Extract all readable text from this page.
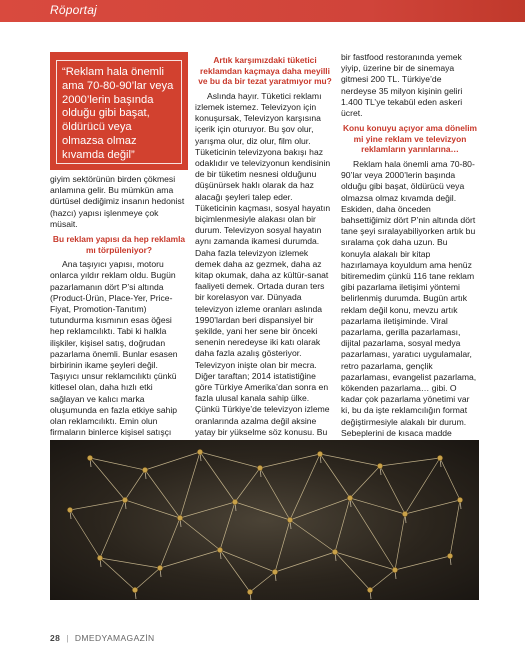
Röportaj
“Reklam hala önemli ama 70-80-90’lar veya 2000’lerin başında olduğu gibi başat, öldürücü veya olmazsa olmaz kıvamda değil”

giyim sektörünün birden çökmesi anlamına gelir. Bu mümkün ama dürtüsel dediğimiz insanın hedonist (hazcı) yapısı işlenmeye çok müsait.

Bu reklam yapısı da hep reklamla mı törpüleniyor?

Ana taşıyıcı yapısı, motoru onlarca yıldır reklam oldu. Bugün pazarlamanın dört P’si altında (Product-Ürün, Place-Yer, Price-Fiyat, Promotion-Tanıtım) tutundurma kısmının esas öğesi hep reklamcılıktı. Tabi ki halkla ilişkiler, kişisel satış, doğrudan pazarlama önemli. Bunlar esasen birbirinin ikame şeyleri değil. Taşıyıcı unsur reklamcılıktı çünkü kitlesel olan, daha hızlı etki sağlayan ve kalıcı marka oluşumunda en fazla etkiye sahip olan reklamcılıktı. Emin olun firmaların binlerce kişisel satışçı

Artık karşımızdaki tüketici reklamdan kaçmaya daha meyilli ve bu da bir tezat yaratmıyor mu?

Aslında hayır. Tüketici reklamı izlemek istemez. Televizyon için konuşursak, Televizyon karşısına içerik için oturuyor. Bu şov olur, yarışma olur, diz olur, film olur. Tüketicinin televizyona bakışı haz odaklıdır ve televizyonun kendisinin de bir tüketim nesnesi olduğunu düşünürsek haklı olarak da haz alacağı şeyleri talep eder. Tüketicinin kaçması, sosyal hayatın biçimlenmesiyle alakası olan bir durum. Televizyon sosyal hayatın aynı zamanda ikamesi durumda. Daha fazla televizyon izlemek demek daha az gezmek, daha az kitap okumak, daha az kültür-sanat faaliyeti demek. Ortada duran ters bir korelasyon var. Dünyada televizyon izleme oranları aslında 1990’lardan beri dispansiyel bir şekilde, yani her sene bir önceki senenin neredeyse iki katı olarak daha fazla azalış gösteriyor. Televizyon inişte olan bir mecra. Diğer taraftan; 2014 istatistiğine göre Türkiye Amerika’dan sonra en fazla ulusal kanala sahip ülke. Çünkü Türkiye’de televizyon izleme oranlarında azalma değil aksine yatay bir yükselme söz konusu. Bu

bir fastfood restoranında yemek yiyip, üzerine bir de sinemaya gitmesi 200 TL. Türkiye’de nerdeyse 35 milyon kişinin geliri 1.400 TL’ye tekabül eden askeri ücret.

Konu konuyu açıyor ama dönelim mi yine reklam ve televizyon reklamların yarınlarına…

Reklam hala önemli ama 70-80-90’lar veya 2000’lerin başında olduğu gibi başat, öldürücü veya olmazsa olmaz kıvamda değil. Eskiden, daha önceden bahsettiğimiz dört P’nin altında dört tane şeyi sıralayabiliyorken artık bu sıralama çok daha uzun. Bu konuyla alakalı bir kitap hazırlamaya koyuldum ama henüz bitiremedim çünkü 116 tane reklam gibi pazarlama iletişimi yöntemi belirlenmiş durumda. Bugün artık reklam değil konu, mevzu artık pazarlama iletişiminde. Viral pazarlama, gerilla pazarlaması, dijital pazarlama, sosyal medya pazarlaması, yaratıcı uygulamalar, retro pazarlama, gençlik pazarlaması, evangelist pazarlama, kökenden pazarlama… gibi. O kadar çok pazarlama yönetimi var ki, bu da işte reklamcılığın format değiştirmesiyle alakalı bir durum. Sebeplerini de kısaca madde

28 | DMEDYAMAGAZİN
